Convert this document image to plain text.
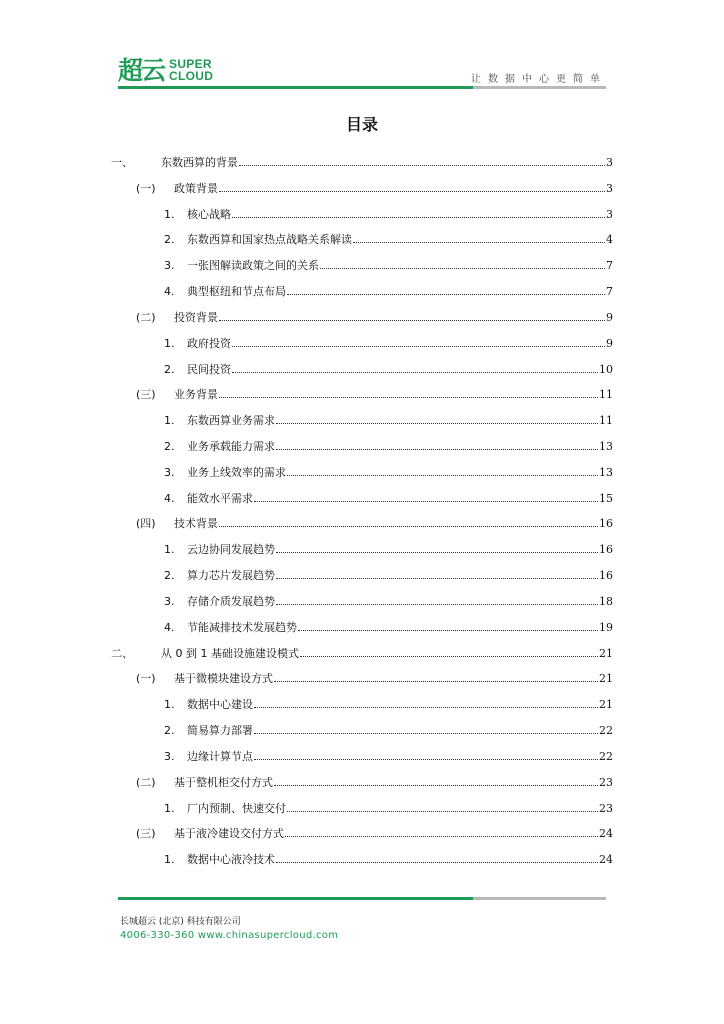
超云 SUPER
CLOUD	让数据中心更简单
目录
一、	东数西算的背景	3
(一) 政策背景	3
1. 核心战略	3
2. 东数西算和国家热点战略关系解读	4
3. 一张图解读政策之间的关系	7
4. 典型枢纽和节点布局	7
(二) 投资背景	9
1. 政府投资	9
2. 民间投资	10
(三) 业务背景	11
1. 东数西算业务需求	11
2. 业务承载能力需求	13
3. 业务上线效率的需求	13
4. 能效水平需求	15
(四) 技术背景	16
1. 云边协同发展趋势	16
2. 算力芯片发展趋势	16
3. 存储介质发展趋势	18
4. 节能减排技术发展趋势	19
二、	从 0 到 1 基础设施建设模式	21
(一) 基于微模块建设方式	21
1. 数据中心建设	21
2. 简易算力部署	22
3. 边缘计算节点	22
(二) 基于整机柜交付方式	23
1. 厂内预制、快速交付	23
(三) 基于液冷建设交付方式	24
1. 数据中心液冷技术	24
长城超云 (北京) 科技有限公司
4006-330-360 www.chinasupercloud.com
